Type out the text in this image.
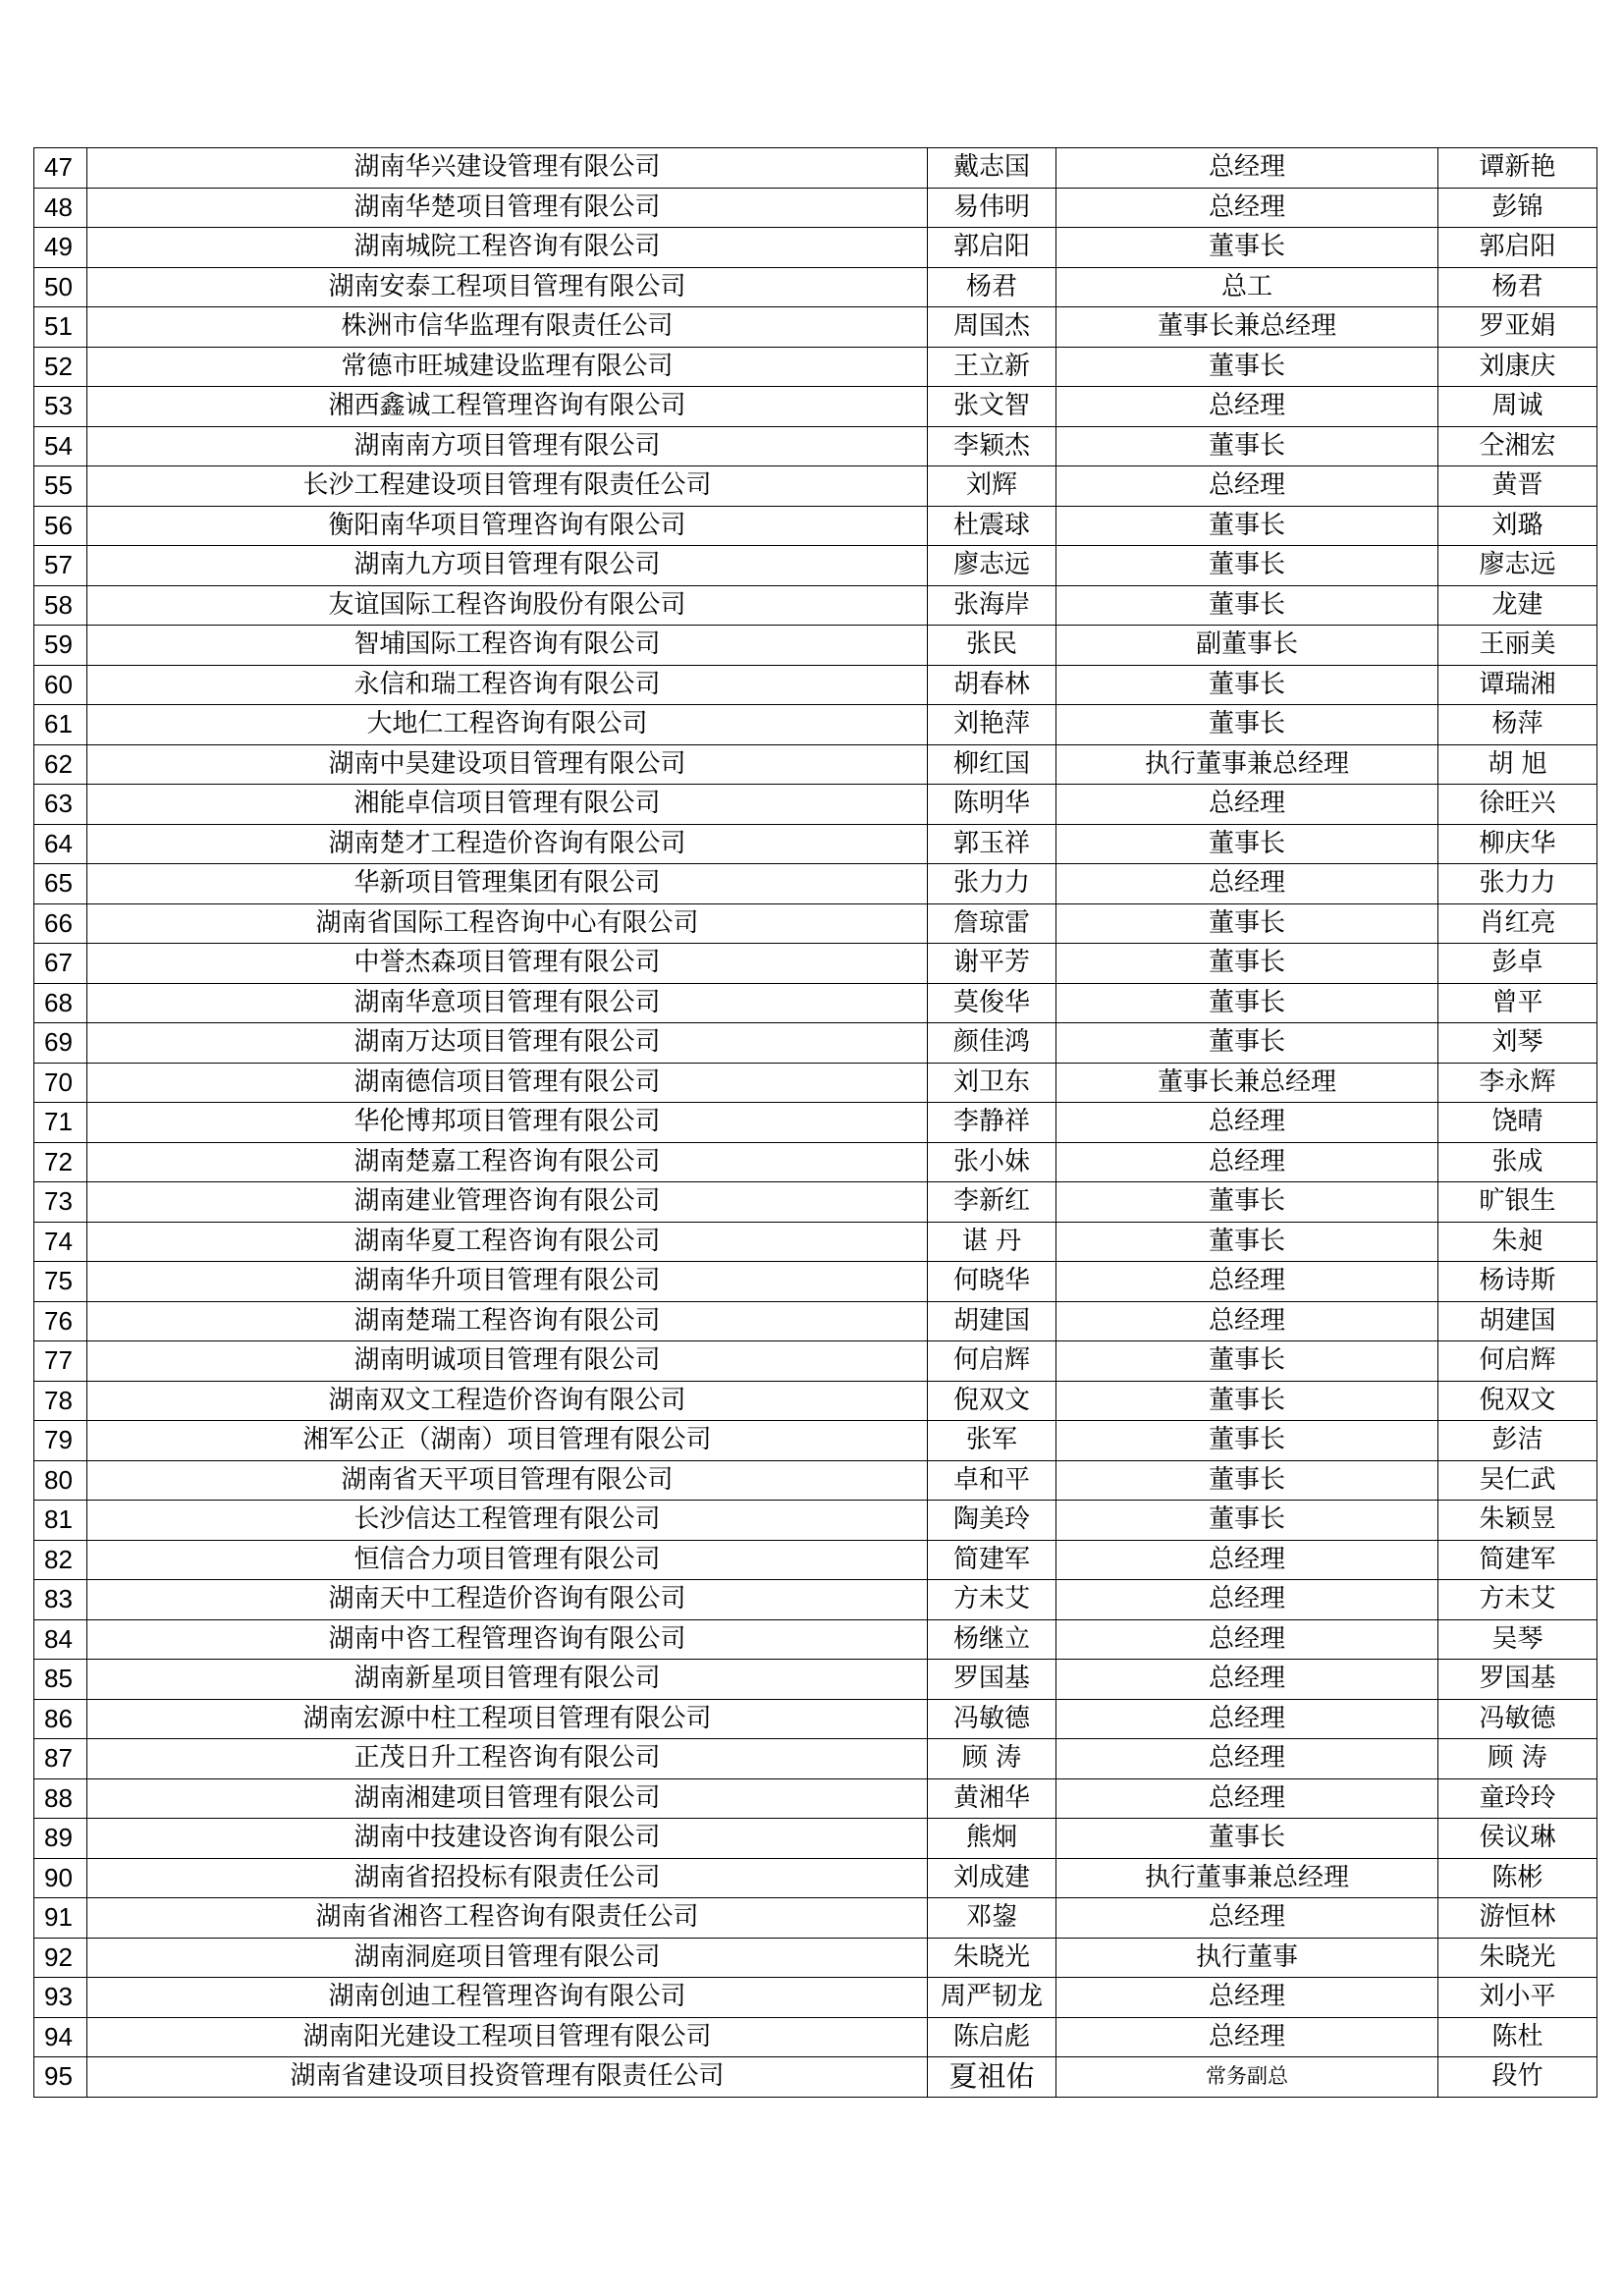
47	湖南华兴建设管理有限公司	戴志国	总经理	谭新艳
48	湖南华楚项目管理有限公司	易伟明	总经理	彭锦
49	湖南城院工程咨询有限公司	郭启阳	董事长	郭启阳
50	湖南安泰工程项目管理有限公司	杨君	总工	杨君
51	株洲市信华监理有限责任公司	周国杰	董事长兼总经理	罗亚娟
52	常德市旺城建设监理有限公司	王立新	董事长	刘康庆
53	湘西鑫诚工程管理咨询有限公司	张文智	总经理	周诚
54	湖南南方项目管理有限公司	李颖杰	董事长	仝湘宏
55	长沙工程建设项目管理有限责任公司	刘辉	总经理	黄晋
56	衡阳南华项目管理咨询有限公司	杜震球	董事长	刘璐
57	湖南九方项目管理有限公司	廖志远	董事长	廖志远
58	友谊国际工程咨询股份有限公司	张海岸	董事长	龙建
59	智埔国际工程咨询有限公司	张民	副董事长	王丽美
60	永信和瑞工程咨询有限公司	胡春林	董事长	谭瑞湘
61	大地仁工程咨询有限公司	刘艳萍	董事长	杨萍
62	湖南中昊建设项目管理有限公司	柳红国	执行董事兼总经理	胡 旭
63	湘能卓信项目管理有限公司	陈明华	总经理	徐旺兴
64	湖南楚才工程造价咨询有限公司	郭玉祥	董事长	柳庆华
65	华新项目管理集团有限公司	张力力	总经理	张力力
66	湖南省国际工程咨询中心有限公司	詹琼雷	董事长	肖红亮
67	中誉杰森项目管理有限公司	谢平芳	董事长	彭卓
68	湖南华意项目管理有限公司	莫俊华	董事长	曾平
69	湖南万达项目管理有限公司	颜佳鸿	董事长	刘琴
70	湖南德信项目管理有限公司	刘卫东	董事长兼总经理	李永辉
71	华伦博邦项目管理有限公司	李静祥	总经理	饶晴
72	湖南楚嘉工程咨询有限公司	张小妹	总经理	张成
73	湖南建业管理咨询有限公司	李新红	董事长	旷银生
74	湖南华夏工程咨询有限公司	谌 丹	董事长	朱昶
75	湖南华升项目管理有限公司	何晓华	总经理	杨诗斯
76	湖南楚瑞工程咨询有限公司	胡建国	总经理	胡建国
77	湖南明诚项目管理有限公司	何启辉	董事长	何启辉
78	湖南双文工程造价咨询有限公司	倪双文	董事长	倪双文
79	湘军公正（湖南）项目管理有限公司	张军	董事长	彭洁
80	湖南省天平项目管理有限公司	卓和平	董事长	吴仁武
81	长沙信达工程管理有限公司	陶美玲	董事长	朱颖昱
82	恒信合力项目管理有限公司	简建军	总经理	简建军
83	湖南天中工程造价咨询有限公司	方未艾	总经理	方未艾
84	湖南中咨工程管理咨询有限公司	杨继立	总经理	吴琴
85	湖南新星项目管理有限公司	罗国基	总经理	罗国基
86	湖南宏源中柱工程项目管理有限公司	冯敏德	总经理	冯敏德
87	正茂日升工程咨询有限公司	顾 涛	总经理	顾 涛
88	湖南湘建项目管理有限公司	黄湘华	总经理	童玲玲
89	湖南中技建设咨询有限公司	熊炯	董事长	侯议琳
90	湖南省招投标有限责任公司	刘成建	执行董事兼总经理	陈彬
91	湖南省湘咨工程咨询有限责任公司	邓鋆	总经理	游恒林
92	湖南洞庭项目管理有限公司	朱晓光	执行董事	朱晓光
93	湖南创迪工程管理咨询有限公司	周严韧龙	总经理	刘小平
94	湖南阳光建设工程项目管理有限公司	陈启彪	总经理	陈杜
95	湖南省建设项目投资管理有限责任公司	夏祖佑	常务副总	段竹
